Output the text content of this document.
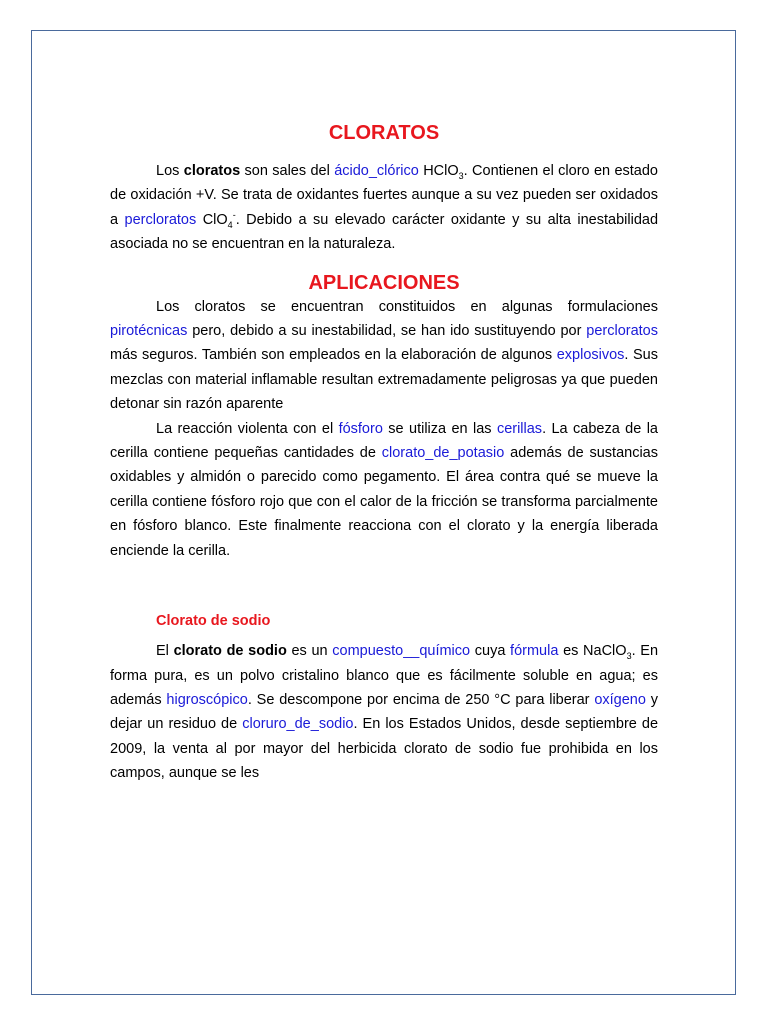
CLORATOS

Los cloratos son sales del ácido_clórico HClO$_3$. Contienen el cloro en estado de oxidación +V. Se trata de oxidantes fuertes aunque a su vez pueden ser oxidados a percloratos ClO$_4$-. Debido a su elevado carácter oxidante y su alta inestabilidad asociada no se encuentran en la naturaleza.

APLICACIONES

Los cloratos se encuentran constituidos en algunas formulaciones pirotécnicas pero, debido a su inestabilidad, se han ido sustituyendo por percloratos más seguros. También son empleados en la elaboración de algunos explosivos. Sus mezclas con material inflamable resultan extremadamente peligrosas ya que pueden detonar sin razón aparente

La reacción violenta con el fósforo se utiliza en las cerillas. La cabeza de la cerilla contiene pequeñas cantidades de clorato_de_potasio además de sustancias oxidables y almidón o parecido como pegamento. El área contra qué se mueve la cerilla contiene fósforo rojo que con el calor de la fricción se transforma parcialmente en fósforo blanco. Este finalmente reacciona con el clorato y la energía liberada enciende la cerilla.

Clorato de sodio

El clorato de sodio es un compuesto__químico cuya fórmula es NaClO$_3$. En forma pura, es un polvo cristalino blanco que es fácilmente soluble en agua; es además higroscópico. Se descompone por encima de 250 °C para liberar oxígeno y dejar un residuo de cloruro_de_sodio. En los Estados Unidos, desde septiembre de 2009, la venta al por mayor del herbicida clorato de sodio fue prohibida en los campos, aunque se les
